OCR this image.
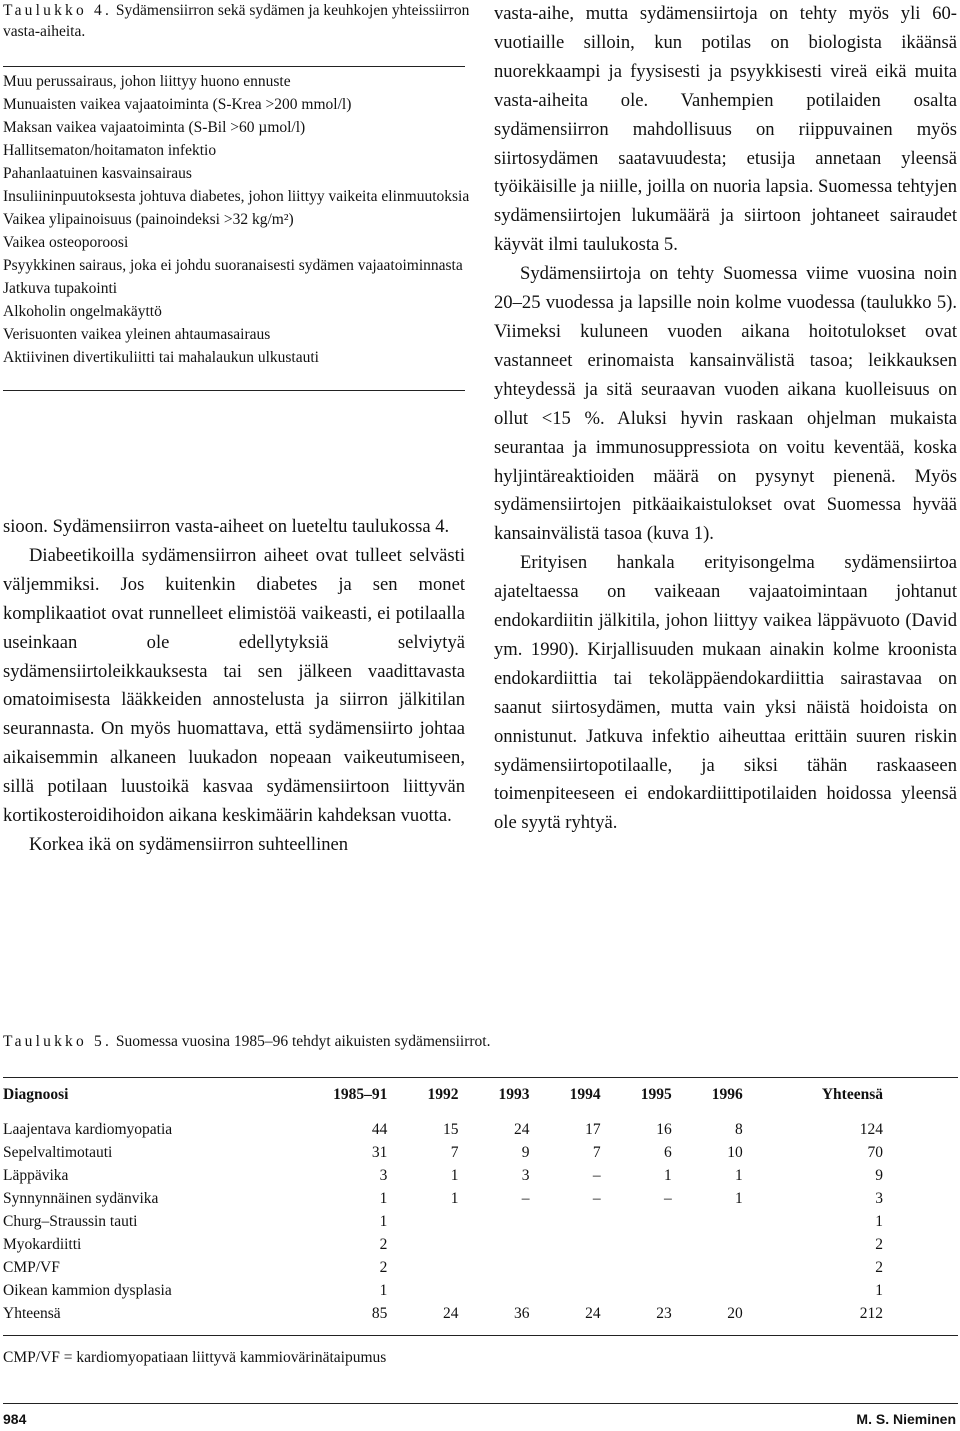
Taulukko 4. Sydämensiirron sekä sydämen ja keuhkojen yhteissiirron vasta-aiheita.
Muu perussairaus, johon liittyy huono ennuste
Munuaisten vaikea vajaatoiminta (S-Krea >200 mmol/l)
Maksan vaikea vajaatoiminta (S-Bil >60 µmol/l)
Hallitsematon/hoitamaton infektio
Pahanlaatuinen kasvainsairaus
Insuliininpuutoksesta johtuva diabetes, johon liittyy vaikeita elinmuutoksia
Vaikea ylipainoisuus (painoindeksi >32 kg/m²)
Vaikea osteoporoosi
Psyykkinen sairaus, joka ei johdu suoranaisesti sydämen vajaatoiminnasta
Jatkuva tupakointi
Alkoholin ongelmakäyttö
Verisuonten vaikea yleinen ahtaumasairaus
Aktiivinen divertikuliitti tai mahalaukun ulkustauti

sioon. Sydämensiirron vasta-aiheet on lueteltu taulukossa 4.

Diabeetikoilla sydämensiirron aiheet ovat tulleet selvästi väljemmiksi. Jos kuitenkin diabetes ja sen monet komplikaatiot ovat runnelleet elimistöä vaikeasti, ei potilaalla useinkaan ole edellytyksiä selviytyä sydämensiirtoleikkauksesta tai sen jälkeen vaadittavasta omatoimisesta lääkkeiden annostelusta ja siirron jälkitilan seurannasta. On myös huomattava, että sydämensiirto johtaa aikaisemmin alkaneen luukadon nopeaan vaikeutumiseen, sillä potilaan luustoikä kasvaa sydämensiirtoon liittyvän kortikosteroidihoidon aikana keskimäärin kahdeksan vuotta.

Korkea ikä on sydämensiirron suhteellinen

vasta-aihe, mutta sydämensiirtoja on tehty myös yli 60-vuotiaille silloin, kun potilas on biologista ikäänsä nuorekkaampi ja fyysisesti ja psyykkisesti vireä eikä muita vasta-aiheita ole. Vanhempien potilaiden osalta sydämensiirron mahdollisuus on riippuvainen myös siirtosydämen saatavuudesta; etusija annetaan yleensä työikäisille ja niille, joilla on nuoria lapsia. Suomessa tehtyjen sydämensiirtojen lukumäärä ja siirtoon johtaneet sairaudet käyvät ilmi taulukosta 5.

Sydämensiirtoja on tehty Suomessa viime vuosina noin 20–25 vuodessa ja lapsille noin kolme vuodessa (taulukko 5). Viimeksi kuluneen vuoden aikana hoitotulokset ovat vastanneet erinomaista kansainvälistä tasoa; leikkauksen yhteydessä ja sitä seuraavan vuoden aikana kuolleisuus on ollut <15 %. Aluksi hyvin raskaan ohjelman mukaista seurantaa ja immunosuppressiota on voitu keventää, koska hyljintäreaktioiden määrä on pysynyt pienenä. Myös sydämensiirtojen pitkäaikaistulokset ovat Suomessa hyvää kansainvälistä tasoa (kuva 1).

Erityisen hankala erityisongelma sydämensiirtoa ajateltaessa on vaikeaan vajaatoimintaan johtanut endokardiitin jälkitila, johon liittyy vaikea läppävuoto (David ym. 1990). Kirjallisuuden mukaan ainakin kolme kroonista endokardiittia tai tekoläppäendokardiittia sairastavaa on saanut siirtosydämen, mutta vain yksi näistä hoidoista on onnistunut. Jatkuva infektio aiheuttaa erittäin suuren riskin sydämensiirtopotilaalle, ja siksi tähän raskaaseen toimenpiteeseen ei endokardiittipotilaiden hoidossa yleensä ole syytä ryhtyä.

Taulukko 5. Suomessa vuosina 1985–96 tehdyt aikuisten sydämensiirrot.
Diagnoosi	1985–91	1992	1993	1994	1995	1996	Yhteensä

Laajentava kardiomyopatia	44	15	24	17	16	8	124
Sepelvaltimotauti	31	7	9	7	6	10	70
Läppävika	3	1	3	–	1	1	9
Synnynnäinen sydänvika	1	1	–	–	–	1	3
Churg–Straussin tauti	1						1
Myokardiitti	2						2
CMP/VF	2						2
Oikean kammion dysplasia	1						1
Yhteensä	85	24	36	24	23	20	212
CMP/VF = kardiomyopatiaan liittyvä kammiovärinätaipumus
984	M. S. Nieminen
